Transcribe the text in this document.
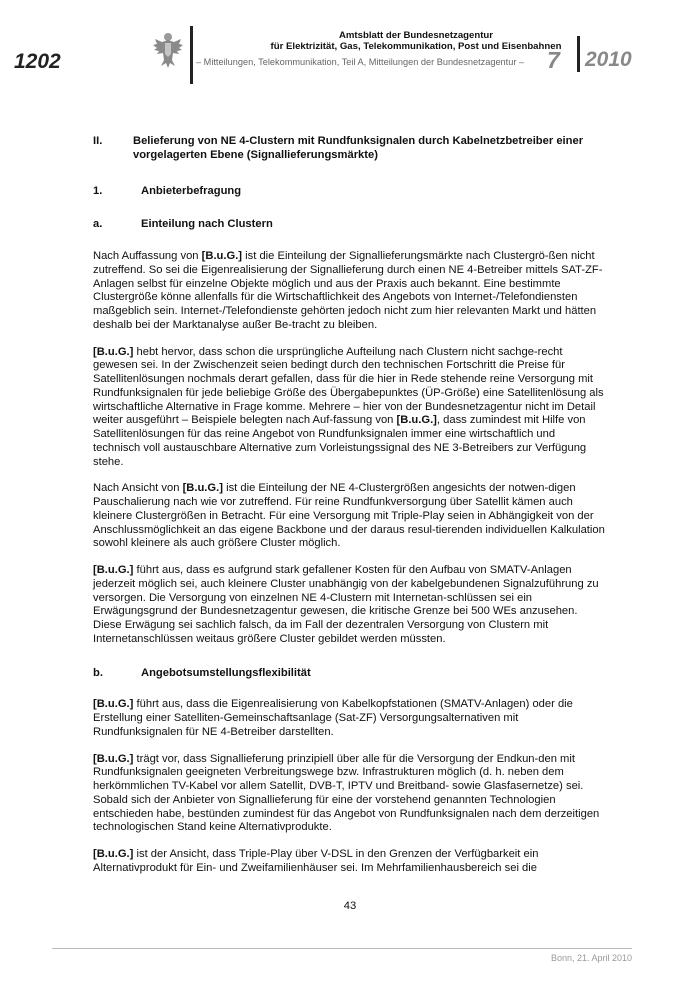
1202
Amtsblatt der Bundesnetzagentur
für Elektrizität, Gas, Telekommunikation, Post und Eisenbahnen
– Mitteilungen, Telekommunikation, Teil A, Mitteilungen der Bundesnetzagentur – 7 2010
II.	Belieferung von NE 4-Clustern mit Rundfunksignalen durch Kabelnetzbetreiber einer vorgelagerten Ebene (Signallieferungsmärkte)
1.	Anbieterbefragung
a.	Einteilung nach Clustern

Nach Auffassung von [B.u.G.] ist die Einteilung der Signallieferungsmärkte nach Clustergrö-ßen nicht zutreffend. So sei die Eigenrealisierung der Signallieferung durch einen NE 4-Betreiber mittels SAT-ZF-Anlagen selbst für einzelne Objekte möglich und aus der Praxis auch bekannt. Eine bestimmte Clustergröße könne allenfalls für die Wirtschaftlichkeit des Angebots von Internet-/Telefondiensten maßgeblich sein. Internet-/Telefondienste gehörten jedoch nicht zum hier relevanten Markt und hätten deshalb bei der Marktanalyse außer Be-tracht zu bleiben.

[B.u.G.] hebt hervor, dass schon die ursprüngliche Aufteilung nach Clustern nicht sachge-recht gewesen sei. In der Zwischenzeit seien bedingt durch den technischen Fortschritt die Preise für Satellitenlösungen nochmals derart gefallen, dass für die hier in Rede stehende reine Versorgung mit Rundfunksignalen für jede beliebige Größe des Übergabepunktes (ÜP-Größe) eine Satellitenlösung als wirtschaftliche Alternative in Frage komme. Mehrere – hier von der Bundesnetzagentur nicht im Detail weiter ausgeführt – Beispiele belegten nach Auf-fassung von [B.u.G.], dass zumindest mit Hilfe von Satellitenlösungen für das reine Angebot von Rundfunksignalen immer eine wirtschaftlich und technisch voll austauschbare Alternative zum Vorleistungssignal des NE 3-Betreibers zur Verfügung stehe.

Nach Ansicht von [B.u.G.] ist die Einteilung der NE 4-Clustergrößen angesichts der notwen-digen Pauschalierung nach wie vor zutreffend. Für reine Rundfunkversorgung über Satellit kämen auch kleinere Clustergrößen in Betracht. Für eine Versorgung mit Triple-Play seien in Abhängigkeit von der Anschlussmöglichkeit an das eigene Backbone und der daraus resul-tierenden individuellen Kalkulation sowohl kleinere als auch größere Cluster möglich.

[B.u.G.] führt aus, dass es aufgrund stark gefallener Kosten für den Aufbau von SMATV-Anlagen jederzeit möglich sei, auch kleinere Cluster unabhängig von der kabelgebundenen Signalzuführung zu versorgen. Die Versorgung von einzelnen NE 4-Clustern mit Internetan-schlüssen sei ein Erwägungsgrund der Bundesnetzagentur gewesen, die kritische Grenze bei 500 WEs anzusehen. Diese Erwägung sei sachlich falsch, da im Fall der dezentralen Versorgung von Clustern mit Internetanschlüssen weitaus größere Cluster gebildet werden müssten.

b.	Angebotsumstellungsflexibilität

[B.u.G.] führt aus, dass die Eigenrealisierung von Kabelkopfstationen (SMATV-Anlagen) oder die Erstellung einer Satelliten-Gemeinschaftsanlage (Sat-ZF) Versorgungsalternativen mit Rundfunksignalen für NE 4-Betreiber darstellten.

[B.u.G.] trägt vor, dass Signallieferung prinzipiell über alle für die Versorgung der Endkun-den mit Rundfunksignalen geeigneten Verbreitungswege bzw. Infrastrukturen möglich (d. h. neben dem herkömmlichen TV-Kabel vor allem Satellit, DVB-T, IPTV und Breitband- sowie Glasfasernetze) sei. Sobald sich der Anbieter von Signallieferung für eine der vorstehend genannten Technologien entschieden habe, bestünden zumindest für das Angebot von Rundfunksignalen nach dem derzeitigen technologischen Stand keine Alternativprodukte.

[B.u.G.] ist der Ansicht, dass Triple-Play über V-DSL in den Grenzen der Verfügbarkeit ein Alternativprodukt für Ein- und Zweifamilienhäuser sei. Im Mehrfamilienhausbereich sei die

43
Bonn, 21. April 2010
